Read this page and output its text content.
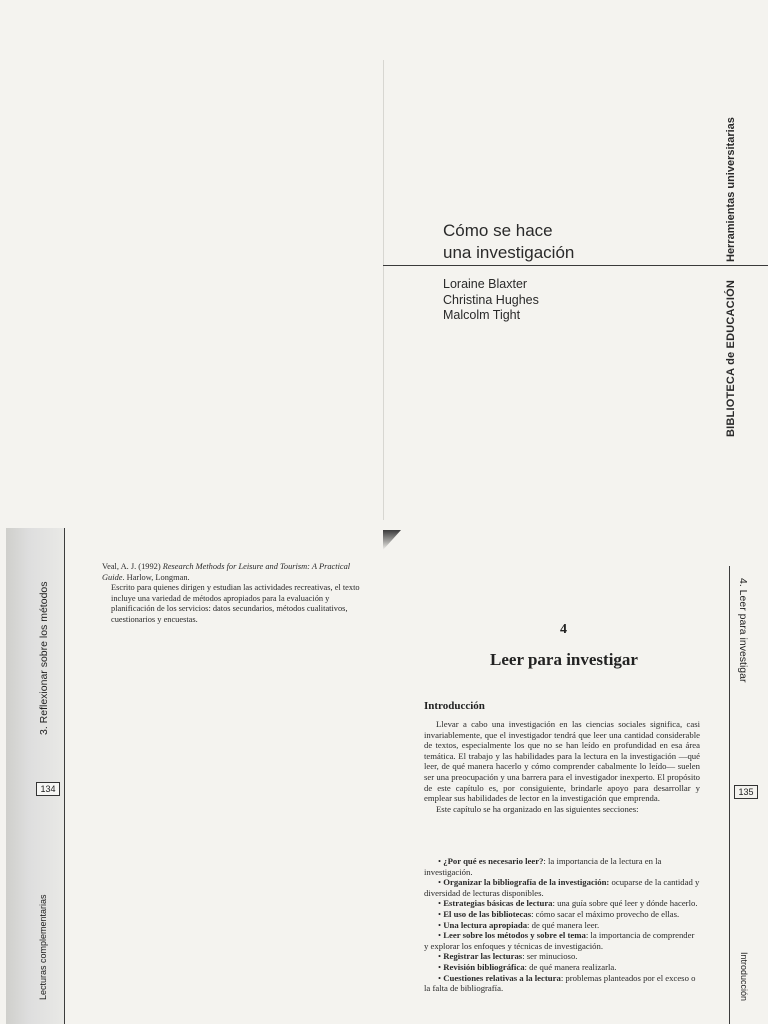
Cómo se hace
una investigación
Loraine Blaxter
Christina Hughes
Malcolm Tight
Herramientas universitarias
BIBLIOTECA de EDUCACIÓN
3. Reflexionar sobre los métodos
134
Lecturas complementarias
Veal, A. J. (1992) Research Methods for Leisure and Tourism: A Practical Guide. Harlow, Longman.
Escrito para quienes dirigen y estudian las actividades recreativas, el texto incluye una variedad de métodos apropiados para la evaluación y planificación de los servicios: datos secundarios, métodos cualitativos, cuestionarios y encuestas.	4. Leer para investigar
135
Introducción
4
Leer para investigar
Introducción

Llevar a cabo una investigación en las ciencias sociales significa, casi invariablemente, que el investigador tendrá que leer una cantidad considerable de textos, especialmente los que no se han leído en profundidad en esa área temática. El trabajo y las habilidades para la lectura en la investigación —qué leer, de qué manera hacerlo y cómo comprender cabalmente lo leído— suelen ser una preocupación y una barrera para el investigador inexperto. El propósito de este capítulo es, por consiguiente, brindarle apoyo para desarrollar y emplear sus habilidades de lector en la investigación que emprenda.

Este capítulo se ha organizado en las siguientes secciones:

• ¿Por qué es necesario leer?: la importancia de la lectura en la investigación.

• Organizar la bibliografía de la investigación: ocuparse de la cantidad y diversidad de lecturas disponibles.

• Estrategias básicas de lectura: una guía sobre qué leer y dónde hacerlo.

• El uso de las bibliotecas: cómo sacar el máximo provecho de ellas.

• Una lectura apropiada: de qué manera leer.

• Leer sobre los métodos y sobre el tema: la importancia de comprender y explorar los enfoques y técnicas de investigación.

• Registrar las lecturas: ser minucioso.

• Revisión bibliográfica: de qué manera realizarla.

• Cuestiones relativas a la lectura: problemas planteados por el exceso o la falta de bibliografía.
